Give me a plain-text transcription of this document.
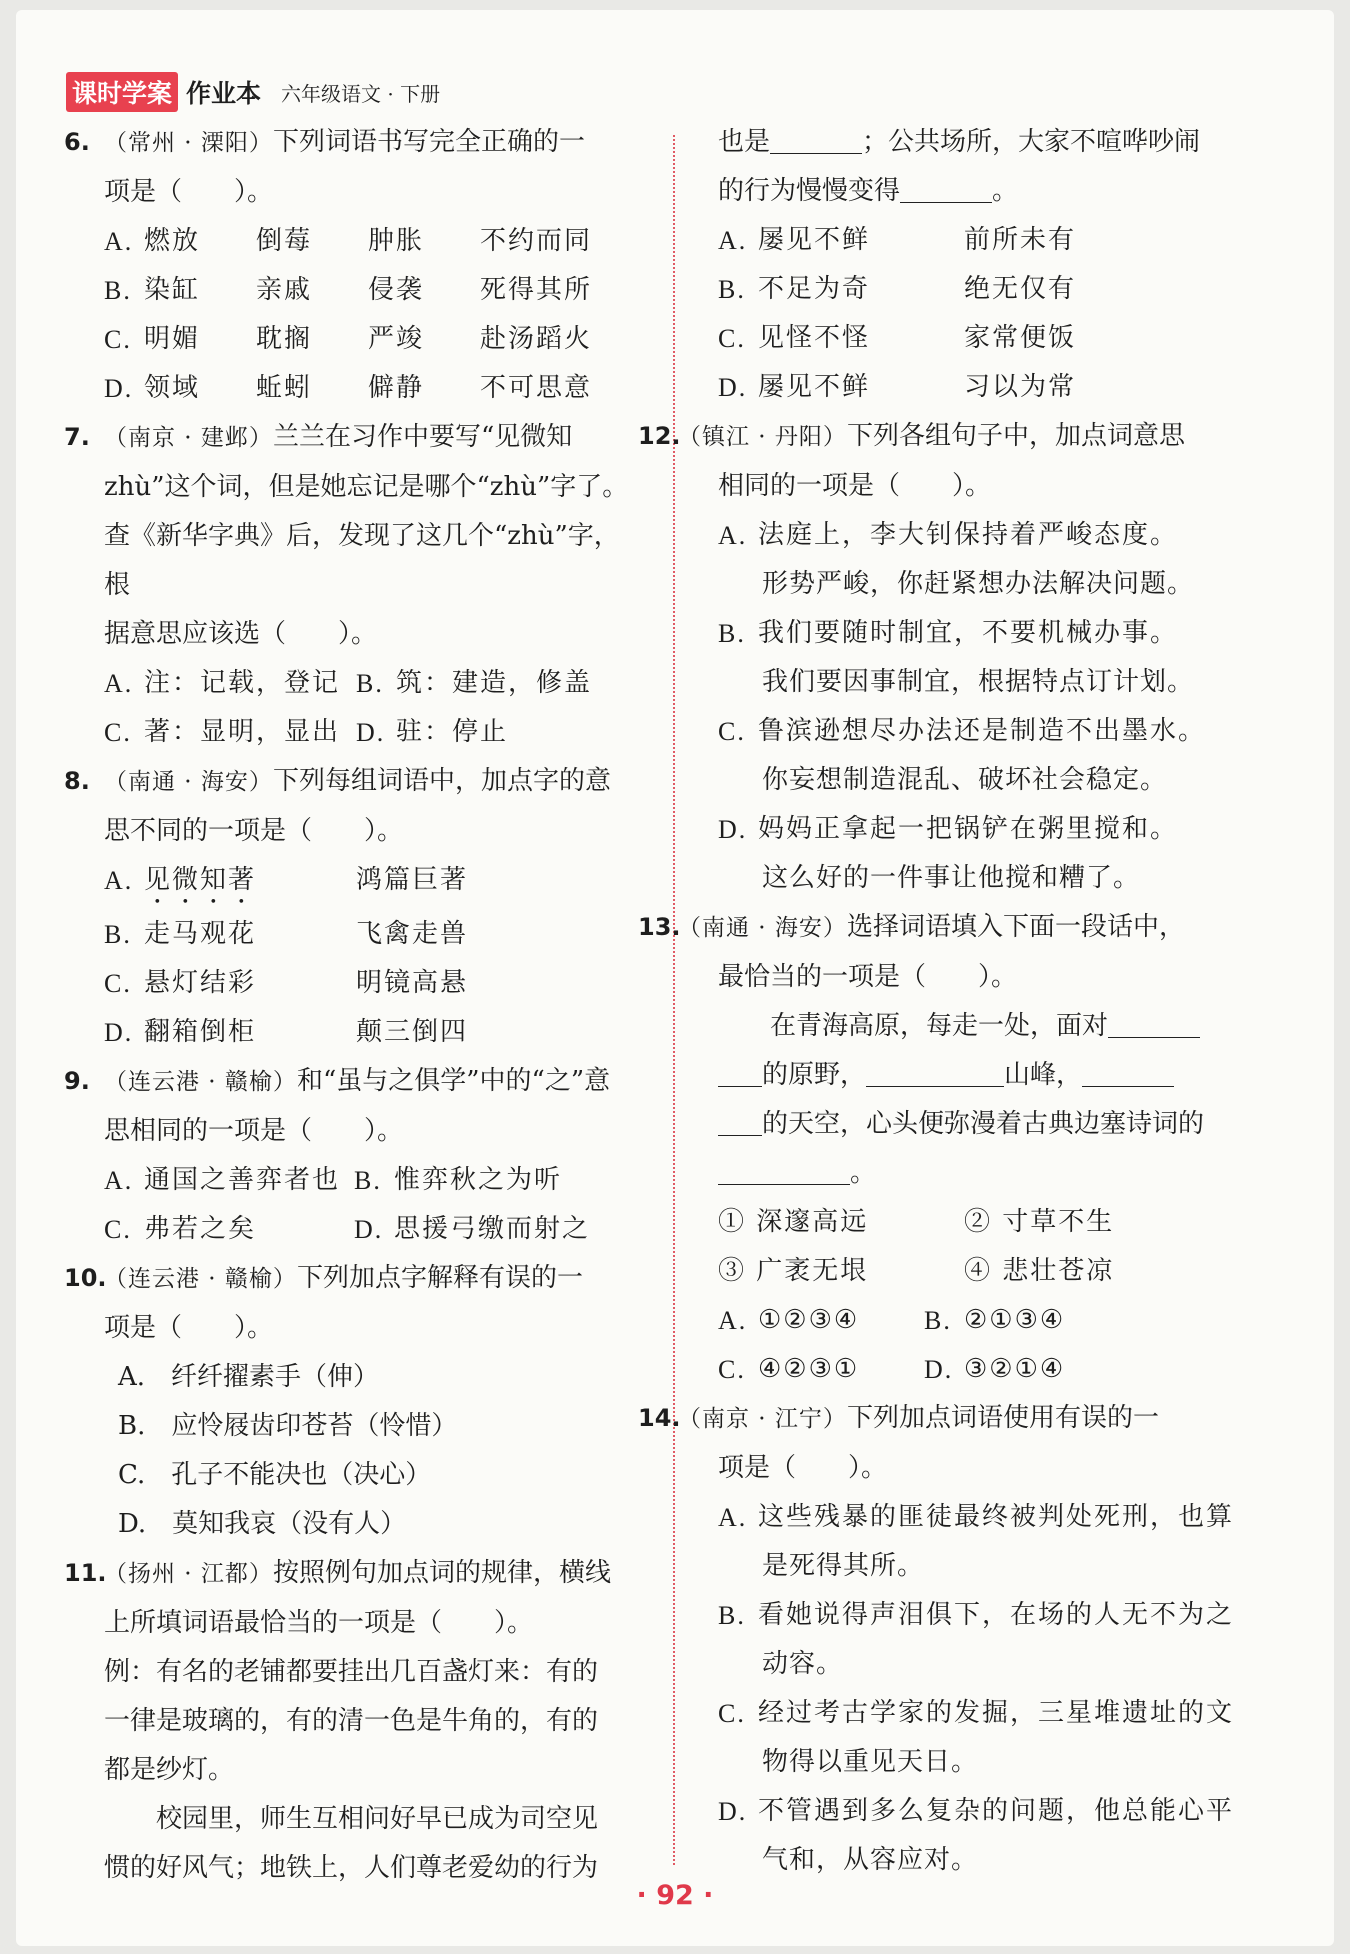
课时学案 作业本 六年级语文 · 下册
6. （常州 · 溧阳）下列词语书写完全正确的一
项是（　　）。
A. 燃放	倒莓	肿胀	不约而同
B. 染缸	亲戚	侵袭	死得其所
C. 明媚	耽搁	严竣	赴汤蹈火
D. 领域	蚯蚓	僻静	不可思意
7. （南京 · 建邺）兰兰在习作中要写“见微知
zhù”这个词，但是她忘记是哪个“zhù”字了。
查《新华字典》后，发现了这几个“zhù”字，根
据意思应该选（　　）。
A. 注：记载，登记 B. 筑：建造，修盖
C. 著：显明，显出 D. 驻：停止
8. （南通 · 海安）下列每组词语中，加点字的意
思不同的一项是（　　）。
A. 见微知著	鸿篇巨著
B. 走马观花	飞禽走兽
C. 悬灯结彩	明镜高悬
D. 翻箱倒柜	颠三倒四
9. （连云港 · 赣榆）和“虽与之俱学”中的“之”意
思相同的一项是（　　）。
A. 通国之善弈者也 B. 惟弈秋之为听
C. 弗若之矣	D. 思援弓缴而射之
10.
（连云港 · 赣榆）下列加点字解释有误的一
项是（　　）。
A.　纤纤擢素手（伸）
B.　应怜屐齿印苍苔（怜惜）
C.　孔子不能决也（决心）
D.　莫知我哀（没有人）
11.
（扬州 · 江都）按照例句加点词的规律，横线
上所填词语最恰当的一项是（　　）。
例：有名的老铺都要挂出几百盏灯来：有的
一律是玻璃的，有的清一色是牛角的，有的
都是纱灯。
校园里，师生互相问好早已成为司空见
惯的好风气；地铁上，人们尊老爱幼的行为
也是	；公共场所，大家不喧哗吵闹
的行为慢慢变得	。
A. 屡见不鲜	前所未有
B. 不足为奇	绝无仅有
C. 见怪不怪	家常便饭
D. 屡见不鲜	习以为常
12.
（镇江 · 丹阳）下列各组句子中，加点词意思
相同的一项是（　　）。
A. 法庭上，李大钊保持着严峻态度。
形势严峻，你赶紧想办法解决问题。
B. 我们要随时制宜，不要机械办事。
我们要因事制宜，根据特点订计划。
C. 鲁滨逊想尽办法还是制造不出墨水。
你妄想制造混乱、破坏社会稳定。
D. 妈妈正拿起一把锅铲在粥里搅和。
这么好的一件事让他搅和糟了。
13.
（南通 · 海安）选择词语填入下面一段话中，
最恰当的一项是（　　）。
在青海高原，每走一处，面对
的原野，	山峰，
的天空，心头便弥漫着古典边塞诗词的
。
① 深邃高远	② 寸草不生
③ 广袤无垠	④ 悲壮苍凉
A. ①②③④	B. ②①③④
C. ④②③①	D. ③②①④
14.
（南京 · 江宁）下列加点词语使用有误的一
项是（　　）。
A. 这些残暴的匪徒最终被判处死刑，也算
是死得其所。
B. 看她说得声泪俱下，在场的人无不为之
动容。
C. 经过考古学家的发掘，三星堆遗址的文
物得以重见天日。
D. 不管遇到多么复杂的问题，他总能心平
气和，从容应对。
· 92 ·
